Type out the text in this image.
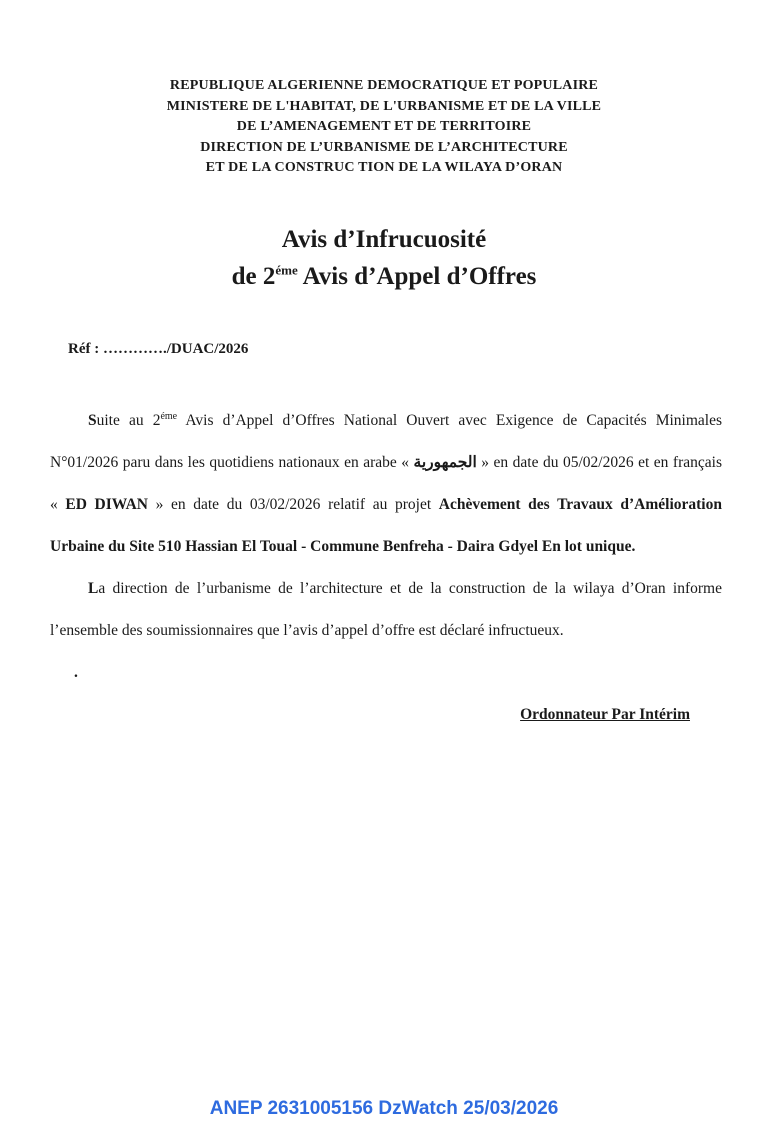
REPUBLIQUE ALGERIENNE DEMOCRATIQUE ET POPULAIRE
MINISTERE DE L'HABITAT, DE L'URBANISME ET DE LA VILLE
DE L’AMENAGEMENT ET DE TERRITOIRE
DIRECTION DE L’URBANISME DE L’ARCHITECTURE
ET DE LA CONSTRUC TION DE LA WILAYA D’ORAN
Avis d’Infrucuosité
de $2^{éme}$ Avis d’Appel d’Offres
Réf : …………./DUAC/2026

Suite au $2^{éme}$ Avis d’Appel d’Offres National Ouvert avec Exigence de Capacités Minimales N°01/2026 paru dans les quotidiens nationaux en arabe « الجمهورية » en date du 05/02/2026 et en français « ED DIWAN » en date du 03/02/2026 relatif au projet Achèvement des Travaux d’Amélioration Urbaine du Site 510 Hassian El Toual - Commune Benfreha - Daira Gdyel En lot unique.

La direction de l’urbanisme de l’architecture et de la construction de la wilaya d’Oran informe l’ensemble des soumissionnaires que l’avis d’appel d’offre est déclaré infructueux.

.
Ordonnateur Par Intérim
ANEP 2631005156 DzWatch 25/03/2026
